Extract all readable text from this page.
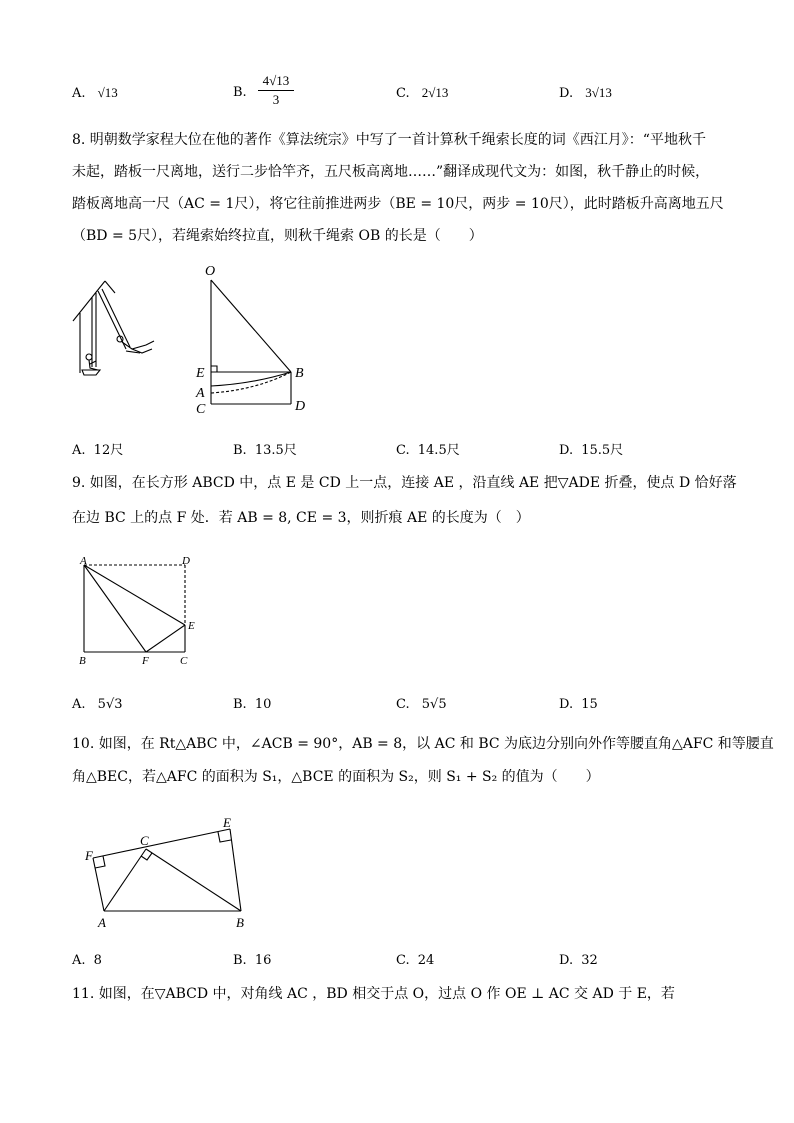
A. √13	B. $\frac{4√13}{3}$	C. 2√13	D. 3√13
8. 明朝数学家程大位在他的著作《算法统宗》中写了一首计算秋千绳索长度的词《西江月》：“平地秋千
未起，踏板一尺离地，送行二步恰竿齐，五尺板高离地……”翻译成现代文为：如图，秋千静止的时候，
踏板离地高一尺（AC = 1尺），将它往前推进两步（BE = 10尺，两步 = 10尺），此时踏板升高离地五尺
（BD = 5尺），若绳索始终拉直，则秋千绳索 OB 的长是（　　）
O
E	B
A
C	D
A. 12尺	B. 13.5尺	C. 14.5尺	D. 15.5尺
9. 如图，在长方形 ABCD 中，点 E 是 CD 上一点，连接 AE ，沿直线 AE 把▽ADE 折叠，使点 D 恰好落
在边 BC 上的点 F 处．若 AB = 8, CE = 3，则折痕 AE 的长度为（　）
A	D
E
B	F	C
A. 5√3	B. 10	C. 5√5	D. 15
10. 如图，在 Rt△ABC 中，∠ACB = 90°，AB = 8，以 AC 和 BC 为底边分别向外作等腰直角△AFC 和等腰直
角△BEC，若△AFC 的面积为 S₁，△BCE 的面积为 S₂，则 S₁ + S₂ 的值为（　　）
F
C
E
A	B
A. 8	B. 16	C. 24	D. 32
11. 如图，在▽ABCD 中，对角线 AC ，BD 相交于点 O，过点 O 作 OE ⊥ AC 交 AD 于 E，若
